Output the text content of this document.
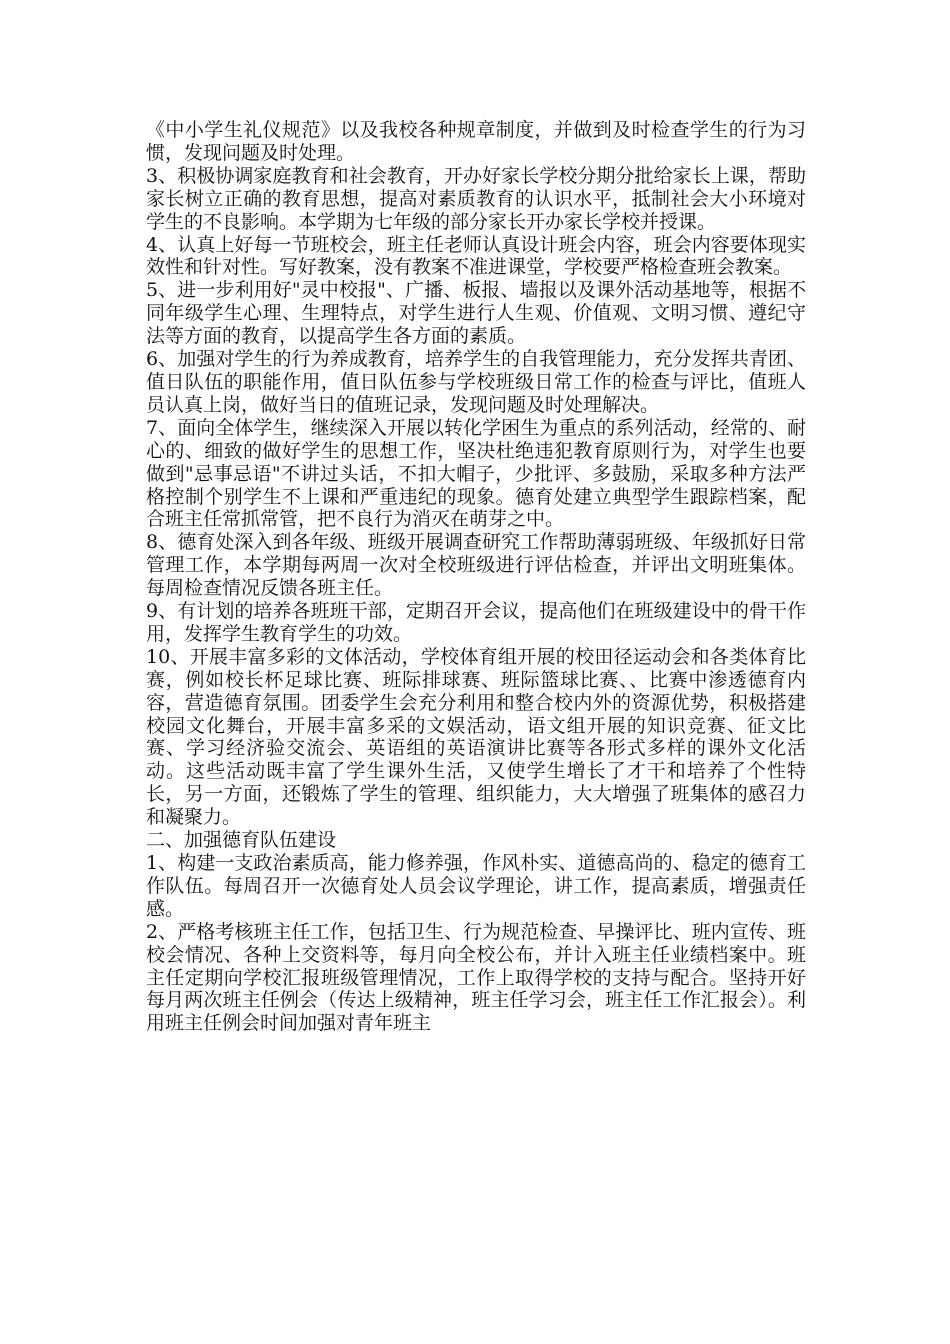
《中小学生礼仪规范》以及我校各种规章制度，并做到及时检查学生的行为习惯，发现问题及时处理。

3、积极协调家庭教育和社会教育，开办好家长学校分期分批给家长上课，帮助家长树立正确的教育思想，提高对素质教育的认识水平，抵制社会大小环境对学生的不良影响。本学期为七年级的部分家长开办家长学校并授课。

4、认真上好每一节班校会，班主任老师认真设计班会内容，班会内容要体现实效性和针对性。写好教案，没有教案不准进课堂，学校要严格检查班会教案。

5、进一步利用好"灵中校报"、广播、板报、墙报以及课外活动基地等，根据不同年级学生心理、生理特点，对学生进行人生观、价值观、文明习惯、遵纪守法等方面的教育，以提高学生各方面的素质。

6、加强对学生的行为养成教育，培养学生的自我管理能力，充分发挥共青团、值日队伍的职能作用，值日队伍参与学校班级日常工作的检查与评比，值班人员认真上岗，做好当日的值班记录，发现问题及时处理解决。

7、面向全体学生，继续深入开展以转化学困生为重点的系列活动，经常的、耐心的、细致的做好学生的思想工作，坚决杜绝违犯教育原则行为，对学生也要做到"忌事忌语"不讲过头话，不扣大帽子，少批评、多鼓励，采取多种方法严格控制个别学生不上课和严重违纪的现象。德育处建立典型学生跟踪档案，配合班主任常抓常管，把不良行为消灭在萌芽之中。

8、德育处深入到各年级、班级开展调查研究工作帮助薄弱班级、年级抓好日常管理工作，本学期每两周一次对全校班级进行评估检查，并评出文明班集体。每周检查情况反馈各班主任。

9、有计划的培养各班班干部，定期召开会议，提高他们在班级建设中的骨干作用，发挥学生教育学生的功效。

10、开展丰富多彩的文体活动，学校体育组开展的校田径运动会和各类体育比赛，例如校长杯足球比赛、班际排球赛、班际篮球比赛、、比赛中渗透德育内容，营造德育氛围。团委学生会充分利用和整合校内外的资源优势，积极搭建校园文化舞台，开展丰富多采的文娱活动，语文组开展的知识竞赛、征文比赛、学习经济验交流会、英语组的英语演讲比赛等各形式多样的课外文化活动。这些活动既丰富了学生课外生活，又使学生增长了才干和培养了个性特长，另一方面，还锻炼了学生的管理、组织能力，大大增强了班集体的感召力和凝聚力。

二、加强德育队伍建设

1、构建一支政治素质高，能力修养强，作风朴实、道德高尚的、稳定的德育工作队伍。每周召开一次德育处人员会议学理论，讲工作，提高素质，增强责任感。

2、严格考核班主任工作，包括卫生、行为规范检查、早操评比、班内宣传、班校会情况、各种上交资料等，每月向全校公布，并计入班主任业绩档案中。班主任定期向学校汇报班级管理情况，工作上取得学校的支持与配合。坚持开好每月两次班主任例会（传达上级精神，班主任学习会，班主任工作汇报会）。利用班主任例会时间加强对青年班主
